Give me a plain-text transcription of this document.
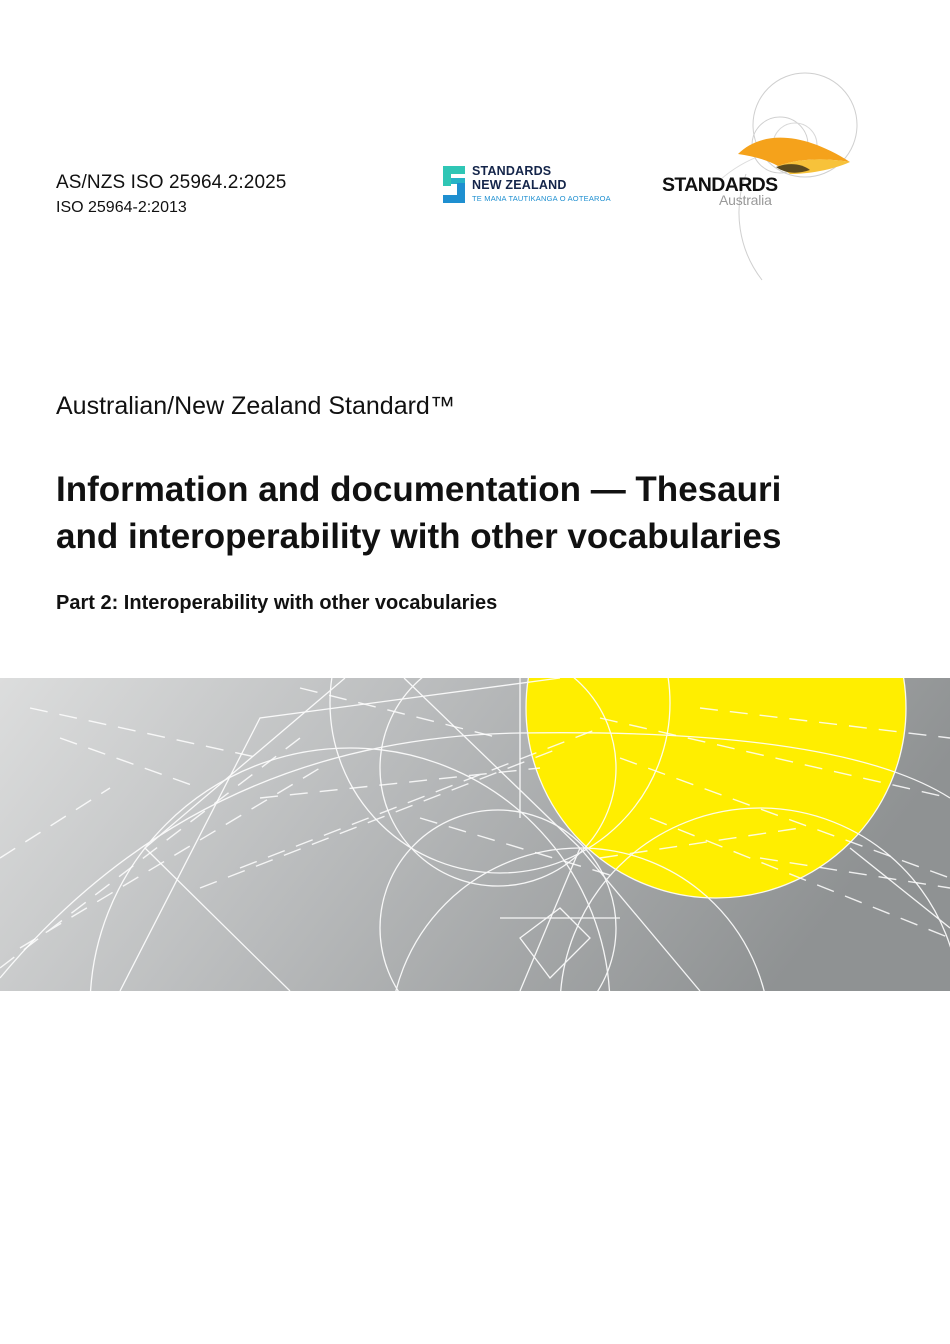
AS/NZS ISO 25964.2:2025
ISO 25964-2:2013
STANDARDS
NEW ZEALAND
TE MANA TAUTIKANGA O AOTEAROA
STANDARDS
Australia
Australian/New Zealand Standard™
Information and documentation — Thesauri
and interoperability with other vocabularies
Part 2: Interoperability with other vocabularies
